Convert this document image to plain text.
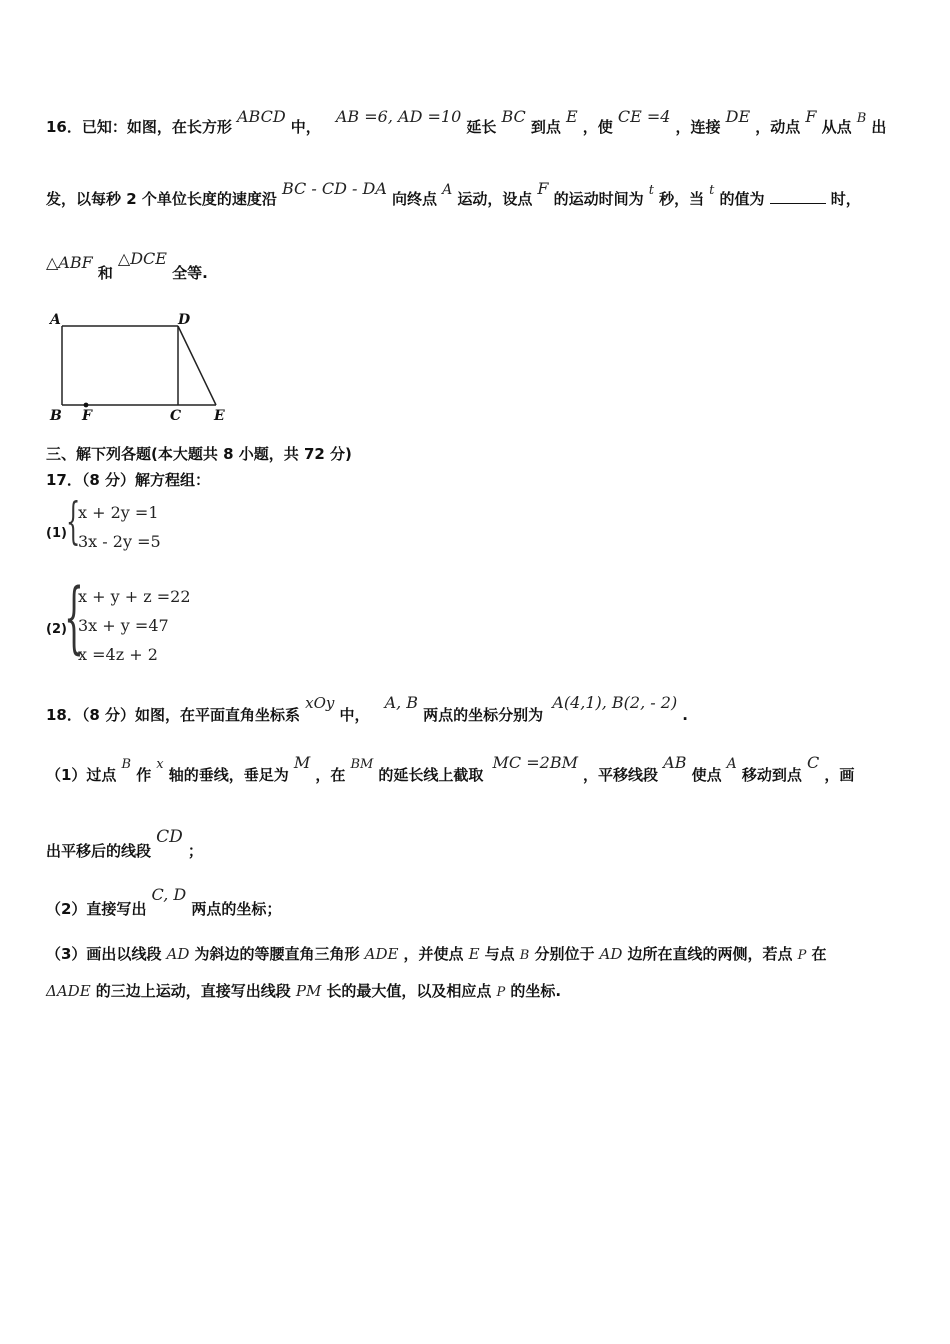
16．已知：如图，在长方形 ABCD 中， AB =6, AD =10 延长 BC 到点 E ，使 CE =4 ，连接 DE ，动点 F 从点 B 出
发，以每秒 2 个单位长度的速度沿 BC - CD - DA 向终点 A 运动，设点 F 的运动时间为 t 秒，当 t 的值为	时，
△ABF 和 △DCE 全等.
A	D
B F	C E
三、解下列各题(本大题共 8 小题，共 72 分)
17．（8 分）解方程组：
(1) {
x + 2y =1
3x - 2y =5
(2)
{
x + y + z =22
3x + y =47
x =4z + 2
18．（8 分）如图，在平面直角坐标系 xOy 中， A, B 两点的坐标分别为 A(4,1), B(2, - 2) .
（1）过点 B 作 x 轴的垂线，垂足为 M ，在 BM 的延长线上截取 MC =2BM ，平移线段 AB 使点 A 移动到点 C ，画
出平移后的线段 CD ；
（2）直接写出 C, D 两点的坐标；
（3）画出以线段 AD 为斜边的等腰直角三角形 ADE ，并使点 E 与点 B 分别位于 AD 边所在直线的两侧，若点 P 在
ΔADE 的三边上运动，直接写出线段 PM 长的最大值，以及相应点 P 的坐标.
